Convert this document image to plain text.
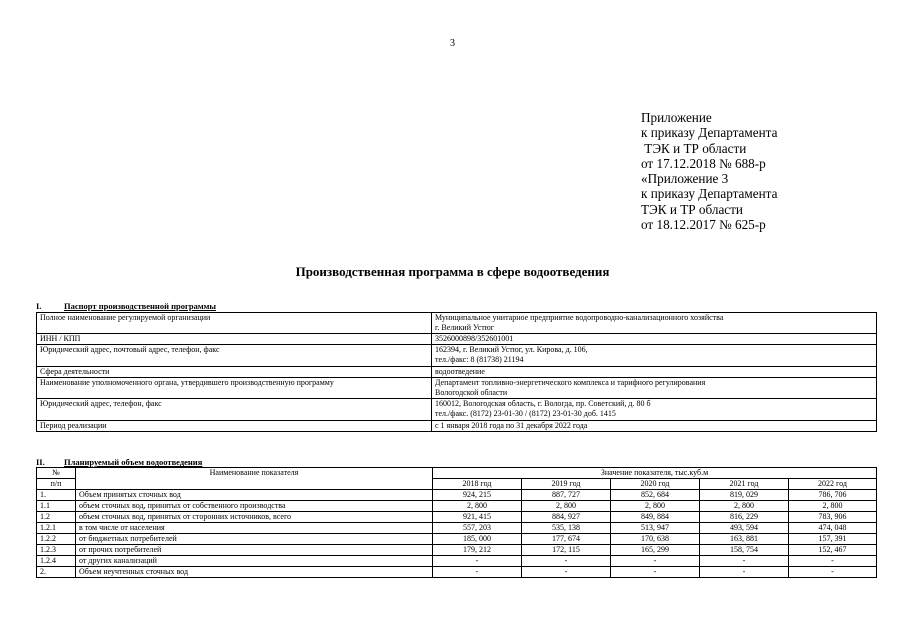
3
Приложение
к приказу Департамента
ТЭК и ТР области
от 17.12.2018 № 688-р
«Приложение 3
к приказу Департамента
ТЭК и ТР области
от 18.12.2017 № 625-р
Производственная программа в сфере водоотведения
I.	Паспорт производственной программы
Полное наименование регулируемой организации	Муниципальное унитарное предприятие водопроводно-канализационного хозяйства
г. Великий Устюг

ИНН / КПП	3526000898/352601001
Юридический адрес, почтовый адрес, телефон, факс	162394, г. Великий Устюг, ул. Кирова, д. 106,
тел./факс: 8 (81738) 21194

Сфера деятельности	водоотведение
Наименование уполномоченного органа, утвердившего производственную программу	Департамент топливно-энергетического комплекса и тарифного регулирования
Вологодской области

Юридический адрес, телефон, факс	160012, Вологодская область, г. Вологда, пр. Советский, д. 80 б
тел./факс. (8172) 23-01-30 / (8172) 23-01-30 доб. 1415

Период реализации	с 1 января 2018 года по 31 декабря 2022 года
II. Планируемый объем водоотведения
№	Наименование показателя	Значение показателя, тыс.куб.м				
п/п		2018 год	2019 год	2020 год	2021 год	2022 год
1.	Объем принятых сточных вод	924, 215	887, 727	852, 684	819, 029	786, 706
1.1	объем сточных вод, принятых от собственного производства	2, 800	2, 800	2, 800	2, 800	2, 800
1.2	объем сточных вод, принятых от сторонних источников, всего	921, 415	884, 927	849, 884	816, 229	783, 906
1.2.1	в том числе от населения	557, 203	535, 138	513, 947	493, 594	474, 048
1.2.2	от бюджетных потребителей	185, 000	177, 674	170, 638	163, 881	157, 391
1.2.3	от прочих потребителей	179, 212	172, 115	165, 299	158, 754	152, 467
1.2.4	от других канализаций	-	-	-	-	-
2.	Объем неучтенных сточных вод	-	-	-	-	-
